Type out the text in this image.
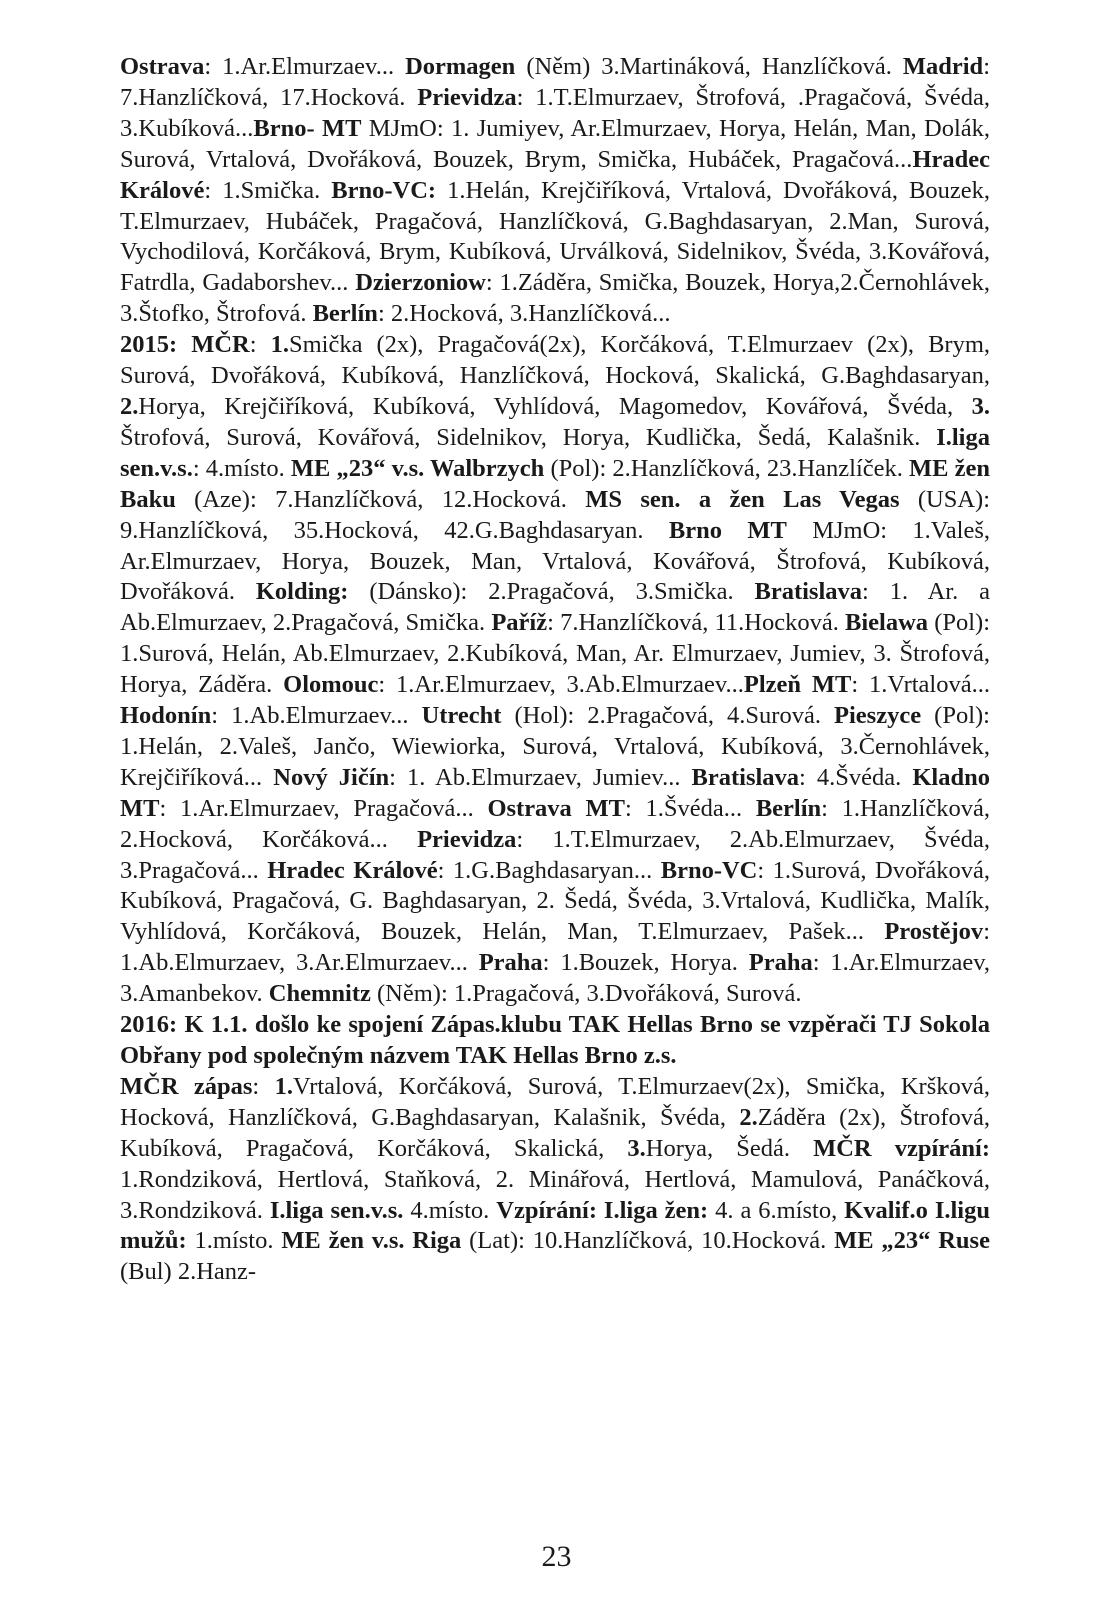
Ostrava: 1.Ar.Elmurzaev... Dormagen (Něm) 3.Martináková, Hanzlíčková. Madrid: 7.Hanzlíčková, 17.Hocková. Prievidza: 1.T.Elmurzaev, Štrofová, .Pragačová, Švéda, 3.Kubíková...Brno- MT MJmO: 1. Jumiyev, Ar.Elmurzaev, Horya, Helán, Man, Dolák, Surová, Vrtalová, Dvořáková, Bouzek, Brym, Smička, Hubáček, Pragačová...Hradec Králové: 1.Smička. Brno-VC: 1.Helán, Krejčiříková, Vrtalová, Dvořáková, Bouzek, T.Elmurzaev, Hubáček, Pragačová, Hanzlíčková, G.Baghdasaryan, 2.Man, Surová, Vychodilová, Korčáková, Brym, Kubíková, Urválková, Sidelnikov, Švéda, 3.Kovářová, Fatrdla, Gadaborshev... Dzierzoniow: 1.Záděra, Smička, Bouzek, Horya,2.Černohlávek, 3.Štofko, Štrofová. Berlín: 2.Hocková, 3.Hanzlíčková...

2015: MČR: 1.Smička (2x), Pragačová(2x), Korčáková, T.Elmurzaev (2x), Brym, Surová, Dvořáková, Kubíková, Hanzlíčková, Hocková, Skalická, G.Baghdasaryan, 2.Horya, Krejčiříková, Kubíková, Vyhlídová, Magomedov, Kovářová, Švéda, 3. Štrofová, Surová, Kovářová, Sidelnikov, Horya, Kudlička, Šedá, Kalašnik. I.liga sen.v.s.: 4.místo. ME „23“ v.s. Walbrzych (Pol): 2.Hanzlíčková, 23.Hanzlíček. ME žen Baku (Aze): 7.Hanzlíčková, 12.Hocková. MS sen. a žen Las Vegas (USA): 9.Hanzlíčková, 35.Hocková, 42.G.Baghdasaryan. Brno MT MJmO: 1.Valeš, Ar.Elmurzaev, Horya, Bouzek, Man, Vrtalová, Kovářová, Štrofová, Kubíková, Dvořáková. Kolding: (Dánsko): 2.Pragačová, 3.Smička. Bratislava: 1. Ar. a Ab.Elmurzaev, 2.Pragačová, Smička. Paříž: 7.Hanzlíčková, 11.Hocková. Bielawa (Pol): 1.Surová, Helán, Ab.Elmurzaev, 2.Kubíková, Man, Ar. Elmurzaev, Jumiev, 3. Štrofová, Horya, Záděra. Olomouc: 1.Ar.Elmurzaev, 3.Ab.Elmurzaev...Plzeň MT: 1.Vrtalová... Hodonín: 1.Ab.Elmurzaev... Utrecht (Hol): 2.Pragačová, 4.Surová. Pieszyce (Pol): 1.Helán, 2.Valeš, Jančo, Wiewiorka, Surová, Vrtalová, Kubíková, 3.Černohlávek, Krejčiříková... Nový Jičín: 1. Ab.Elmurzaev, Jumiev... Bratislava: 4.Švéda. Kladno MT: 1.Ar.Elmurzaev, Pragačová... Ostrava MT: 1.Švéda... Berlín: 1.Hanzlíčková, 2.Hocková, Korčáková... Prievidza: 1.T.Elmurzaev, 2.Ab.Elmurzaev, Švéda, 3.Pragačová... Hradec Králové: 1.G.Baghdasaryan... Brno-VC: 1.Surová, Dvořáková, Kubíková, Pragačová, G. Baghdasaryan, 2. Šedá, Švéda, 3.Vrtalová, Kudlička, Malík, Vyhlídová, Korčáková, Bouzek, Helán, Man, T.Elmurzaev, Pašek... Prostějov: 1.Ab.Elmurzaev, 3.Ar.Elmurzaev... Praha: 1.Bouzek, Horya. Praha: 1.Ar.Elmurzaev, 3.Amanbekov. Chemnitz (Něm): 1.Pragačová, 3.Dvořáková, Surová.

2016: K 1.1. došlo ke spojení Zápas.klubu TAK Hellas Brno se vzpěrači TJ Sokola Obřany pod společným názvem TAK Hellas Brno z.s.

MČR zápas: 1.Vrtalová, Korčáková, Surová, T.Elmurzaev(2x), Smička, Kršková, Hocková, Hanzlíčková, G.Baghdasaryan, Kalašnik, Švéda, 2.Záděra (2x), Štrofová, Kubíková, Pragačová, Korčáková, Skalická, 3.Horya, Šedá. MČR vzpírání: 1.Rondziková, Hertlová, Staňková, 2. Minářová, Hertlová, Mamulová, Panáčková, 3.Rondziková. I.liga sen.v.s. 4.místo. Vzpírání: I.liga žen: 4. a 6.místo, Kvalif.o I.ligu mužů: 1.místo. ME žen v.s. Riga (Lat): 10.Hanzlíčková, 10.Hocková. ME „23“ Ruse (Bul) 2.Hanz-

23
